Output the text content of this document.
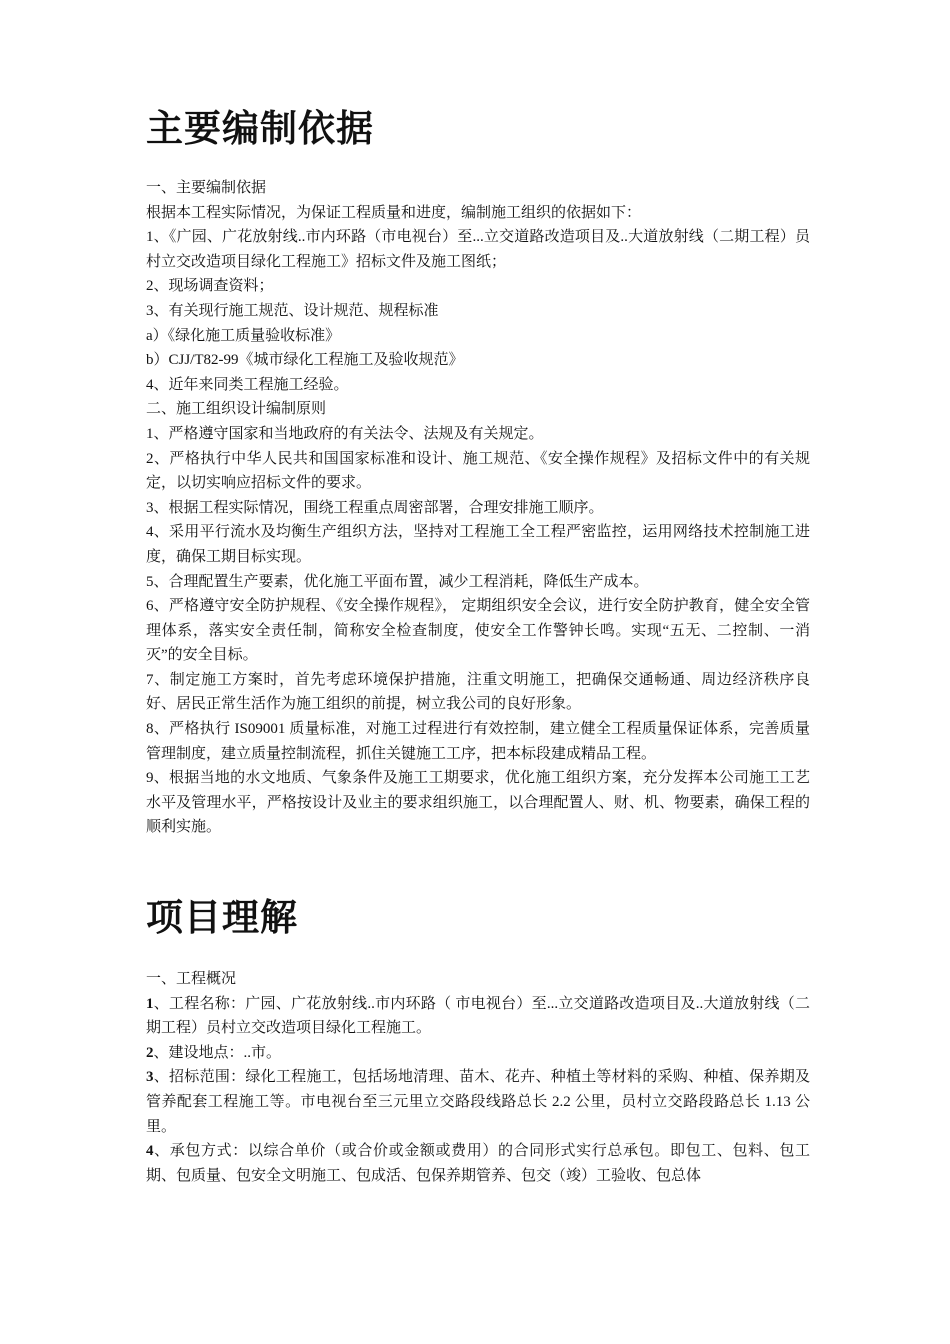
主要编制依据

一、主要编制依据

根据本工程实际情况，为保证工程质量和进度，编制施工组织的依据如下：

1、《广园、广花放射线..市内环路（市电视台）至...立交道路改造项目及..大道放射线（二期工程）员村立交改造项目绿化工程施工》招标文件及施工图纸；

2、现场调查资料；

3、有关现行施工规范、设计规范、规程标准

a）《绿化施工质量验收标准》

b）CJJ/T82-99《城市绿化工程施工及验收规范》

4、近年来同类工程施工经验。

二、施工组织设计编制原则

1、严格遵守国家和当地政府的有关法令、法规及有关规定。

2、严格执行中华人民共和国国家标准和设计、施工规范、《安全操作规程》及招标文件中的有关规定，以切实响应招标文件的要求。

3、根据工程实际情况，围绕工程重点周密部署，合理安排施工顺序。

4、采用平行流水及均衡生产组织方法，坚持对工程施工全工程严密监控，运用网络技术控制施工进度，确保工期目标实现。

5、合理配置生产要素，优化施工平面布置，减少工程消耗，降低生产成本。

6、严格遵守安全防护规程、《安全操作规程》， 定期组织安全会议，进行安全防护教育，健全安全管理体系，落实安全责任制，简称安全检查制度，使安全工作警钟长鸣。实现“五无、二控制、一消灭”的安全目标。

7、制定施工方案时，首先考虑环境保护措施，注重文明施工，把确保交通畅通、周边经济秩序良好、居民正常生活作为施工组织的前提，树立我公司的良好形象。

8、严格执行 IS09001 质量标准，对施工过程进行有效控制，建立健全工程质量保证体系，完善质量管理制度，建立质量控制流程，抓住关键施工工序，把本标段建成精品工程。

9、根据当地的水文地质、气象条件及施工工期要求，优化施工组织方案，充分发挥本公司施工工艺水平及管理水平，严格按设计及业主的要求组织施工，以合理配置人、财、机、物要素，确保工程的顺利实施。

项目理解

一、工程概况

1、工程名称：广园、广花放射线..市内环路（ 市电视台）至...立交道路改造项目及..大道放射线（二期工程）员村立交改造项目绿化工程施工。

2、建设地点：..市。

3、招标范围：绿化工程施工，包括场地清理、苗木、花卉、种植土等材料的采购、种植、保养期及管养配套工程施工等。市电视台至三元里立交路段线路总长 2.2 公里，员村立交路段路总长 1.13 公里。

4、承包方式：以综合单价（或合价或金额或费用）的合同形式实行总承包。即包工、包料、包工期、包质量、包安全文明施工、包成活、包保养期管养、包交（竣）工验收、包总体
